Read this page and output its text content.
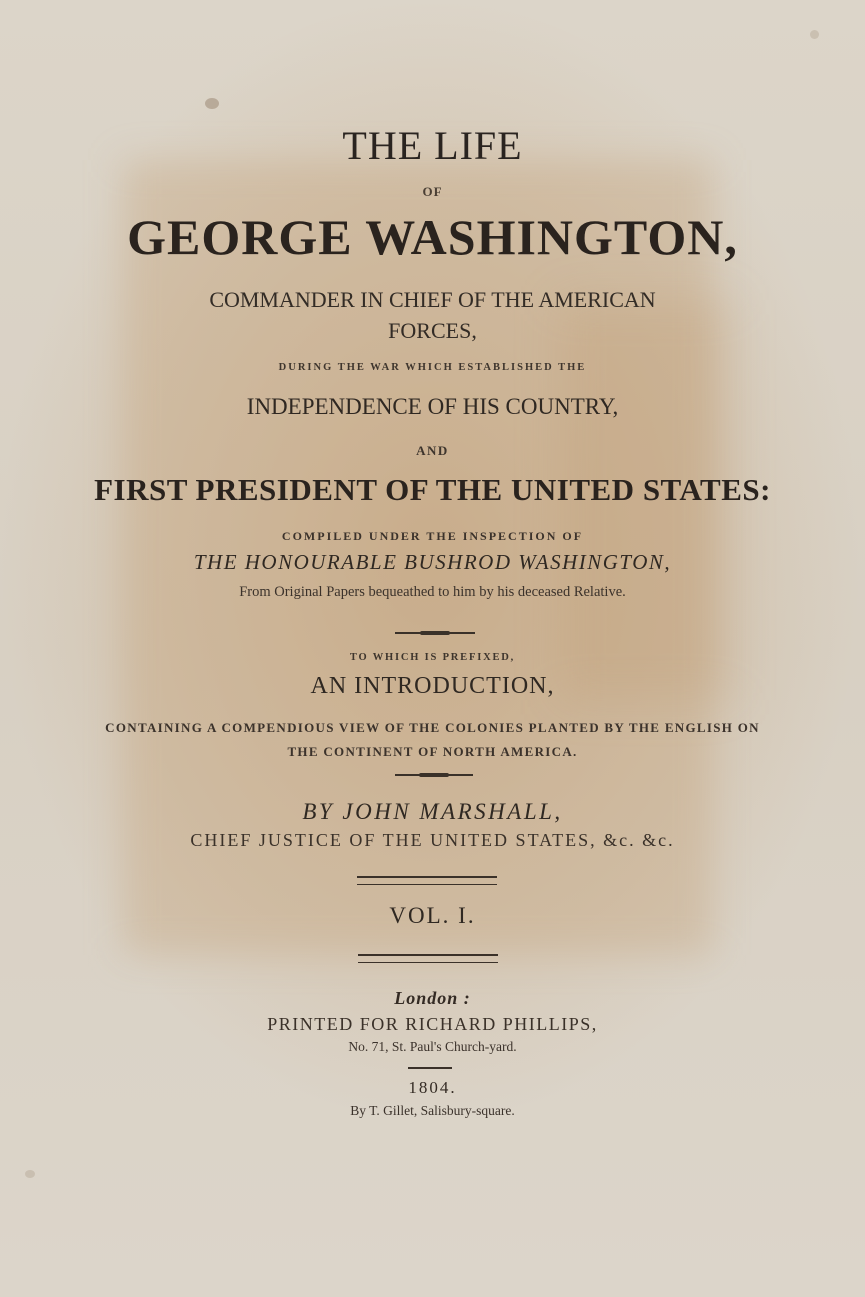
THE LIFE
OF
GEORGE WASHINGTON,
COMMANDER IN CHIEF OF THE AMERICAN
FORCES,
DURING THE WAR WHICH ESTABLISHED THE
INDEPENDENCE OF HIS COUNTRY,
AND
FIRST PRESIDENT OF THE UNITED STATES:
COMPILED UNDER THE INSPECTION OF
THE HONOURABLE BUSHROD WASHINGTON,
From Original Papers bequeathed to him by his deceased Relative.
TO WHICH IS PREFIXED,
AN INTRODUCTION,
CONTAINING A COMPENDIOUS VIEW OF THE COLONIES PLANTED BY THE ENGLISH ON
THE CONTINENT OF NORTH AMERICA.
BY JOHN MARSHALL,
CHIEF JUSTICE OF THE UNITED STATES, &c. &c.
VOL. I.
London :
PRINTED FOR RICHARD PHILLIPS,
No. 71, St. Paul's Church-yard.
1804.
By T. Gillet, Salisbury-square.
